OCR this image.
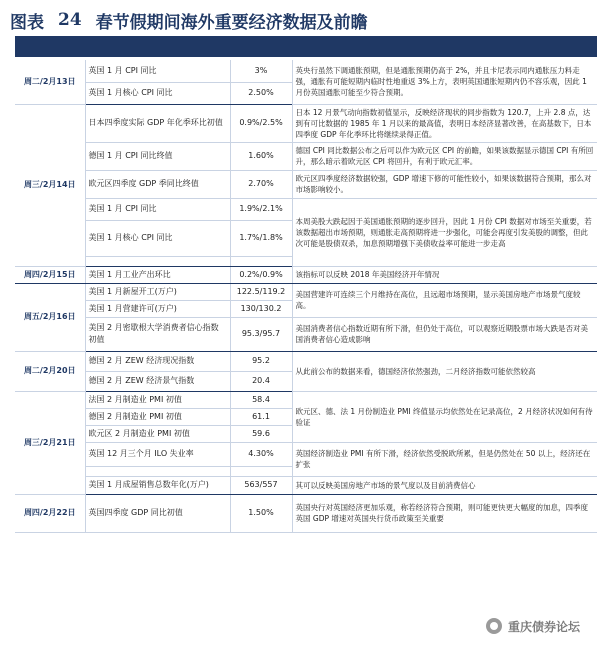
图表 24 春节假期间海外重要经济数据及前瞻
周二/2月13日	英国 1 月 CPI 同比	3%	英央行虽然下调通胀预期，但是通胀预期仍高于 2%，并且卡尼表示同内通胀压力料走强，通胀有可能短期内临时性地重返 3%上方，表明英国通胀短期内仍不容乐观，因此 1 月份英国通胀可能至少符合预期。
	英国 1 月核心 CPI 同比	2.50%	
周三/2月14日	日本四季度实际 GDP 年化季环比初值	0.9%/2.5%	日本 12 月景气动向指数初值显示，反映经济现状的同步指数为 120.7，上升 2.8 点，达到有可比数据的 1985 年 1 月以来的最高值，表明日本经济显著改善，在高基数下，日本四季度 GDP 年化季环比将继续录得正值。
	德国 1 月 CPI 同比终值	1.60%	德国 CPI 同比数据公布之后可以作为欧元区 CPI 的前瞻，如果该数据显示德国 CPI 有所回升，那么暗示着欧元区 CPI 将回升，有利于欧元汇率。
	欧元区四季度 GDP 季同比终值	2.70%	欧元区四季度经济数据较强，GDP 增速下修的可能性较小，如果该数据符合预期，那么对市场影响较小。
	美国 1 月 CPI 同比	1.9%/2.1%	本周美股大跌起因于美国通胀预期的逐步回升，因此 1 月份 CPI 数据对市场至关重要，若该数据超出市场预期，则通胀走高预期将进一步强化，可能会再度引发美股的调整，但此次可能是股债双杀，加息预期增强下美债收益率可能进一步走高
	美国 1 月核心 CPI 同比	1.7%/1.8%	

周四/2月15日	美国 1 月工业产出环比	0.2%/0.9%	该指标可以反映 2018 年美国经济开年情况
周五/2月16日	美国 1 月新屋开工(万户)	122.5/119.2	美国营建许可连续三个月维持在高位，且远超市场预期，显示美国房地产市场景气度较高。
	美国 1 月营建许可(万户)	130/130.2	
	美国 2 月密歇根大学消费者信心指数初值	95.3/95.7	美国消费者信心指数近期有所下滑，但仍处于高位，可以观察近期股票市场大跌是否对美国消费者信心造成影响
周二/2月20日	德国 2 月 ZEW 经济现况指数	95.2	从此前公布的数据来看，德国经济依然强劲，二月经济指数可能依然较高
	德国 2 月 ZEW 经济景气指数	20.4	
周三/2月21日	法国 2 月制造业 PMI 初值	58.4	欧元区、德、法 1 月份制造业 PMI 终值显示均依然处在记录高位，2 月经济状况如何有待验证
	德国 2 月制造业 PMI 初值	61.1	
	欧元区 2 月制造业 PMI 初值	59.6	
	英国 12 月三个月 ILO 失业率	4.30%	英国经济制造业 PMI 有所下滑，经济依然受脱欧所累，但是仍然处在 50 以上，经济还在扩张

	美国 1 月成屋销售总数年化(万户)	563/557	其可以反映美国房地产市场的景气度以及目前消费信心
周四/2月22日	英国四季度 GDP 同比初值	1.50%	英国央行对英国经济更加乐观，称若经济符合预期，则可能更快更大幅度的加息，四季度英国 GDP 增速对英国央行货币政策至关重要
重庆债券论坛
